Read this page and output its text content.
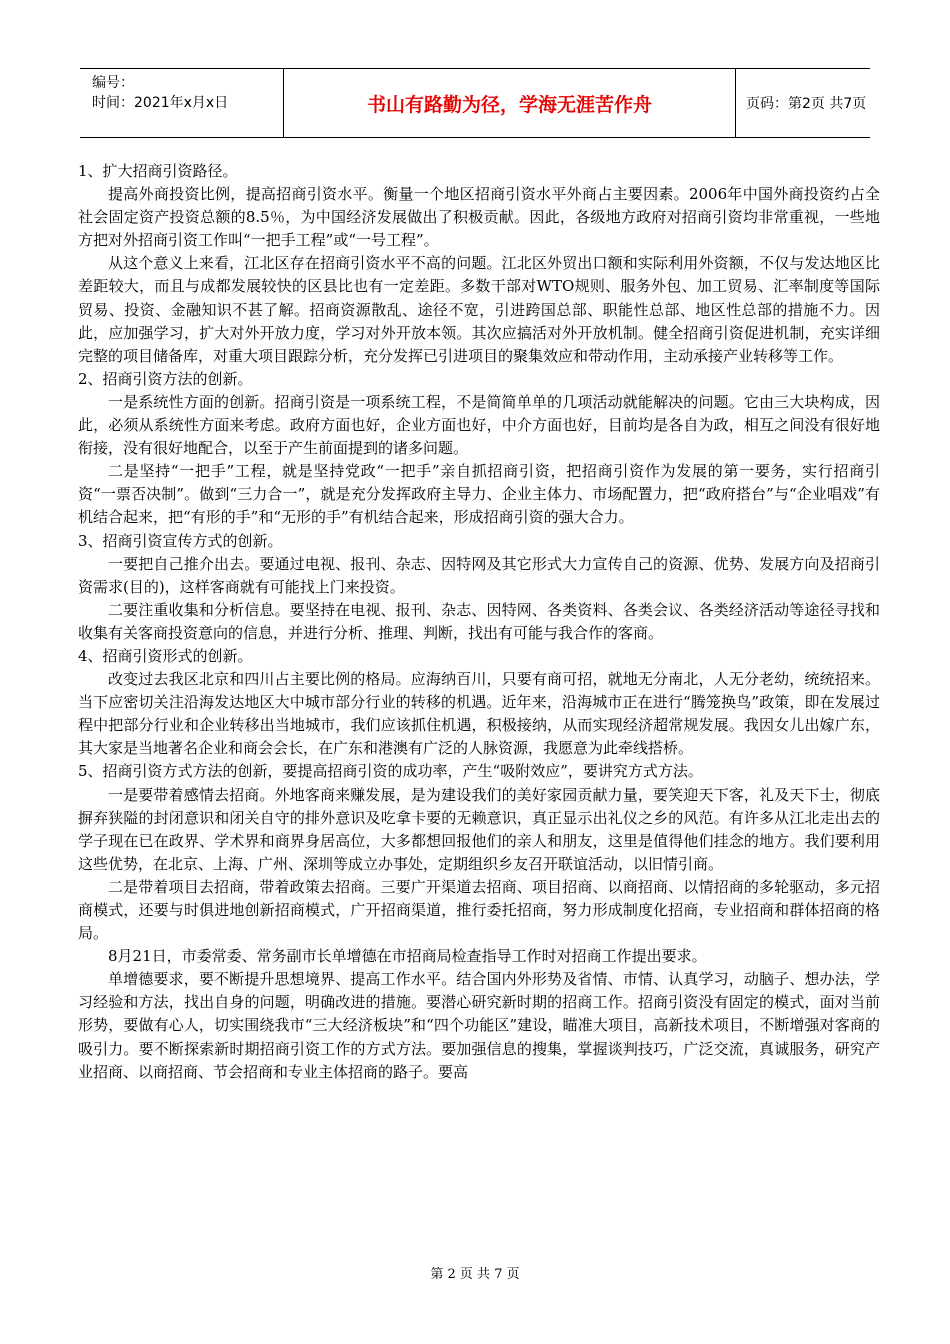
编号：
时间：2021年x月x日	书山有路勤为径，学海无涯苦作舟	页码：第2页 共7页

1、扩大招商引资路径。

提高外商投资比例，提高招商引资水平。衡量一个地区招商引资水平外商占主要因素。2006年中国外商投资约占全社会固定资产投资总额的8.5％，为中国经济发展做出了积极贡献。因此，各级地方政府对招商引资均非常重视，一些地方把对外招商引资工作叫“一把手工程”或“一号工程”。

从这个意义上来看，江北区存在招商引资水平不高的问题。江北区外贸出口额和实际利用外资额，不仅与发达地区比差距较大，而且与成都发展较快的区县比也有一定差距。多数干部对WTO规则、服务外包、加工贸易、汇率制度等国际贸易、投资、金融知识不甚了解。招商资源散乱、途径不宽，引进跨国总部、职能性总部、地区性总部的措施不力。因此，应加强学习，扩大对外开放力度，学习对外开放本领。其次应搞活对外开放机制。健全招商引资促进机制，充实详细完整的项目储备库，对重大项目跟踪分析，充分发挥已引进项目的聚集效应和带动作用，主动承接产业转移等工作。

2、招商引资方法的创新。

一是系统性方面的创新。招商引资是一项系统工程，不是简简单单的几项活动就能解决的问题。它由三大块构成，因此，必须从系统性方面来考虑。政府方面也好，企业方面也好，中介方面也好，目前均是各自为政，相互之间没有很好地衔接，没有很好地配合，以至于产生前面提到的诸多问题。

二是坚持“一把手”工程，就是坚持党政“一把手”亲自抓招商引资，把招商引资作为发展的第一要务，实行招商引资“一票否决制”。做到“三力合一”，就是充分发挥政府主导力、企业主体力、市场配置力，把“政府搭台”与“企业唱戏”有机结合起来，把“有形的手”和“无形的手”有机结合起来，形成招商引资的强大合力。

3、招商引资宣传方式的创新。

一要把自己推介出去。要通过电视、报刊、杂志、因特网及其它形式大力宣传自己的资源、优势、发展方向及招商引资需求(目的)，这样客商就有可能找上门来投资。

二要注重收集和分析信息。要坚持在电视、报刊、杂志、因特网、各类资料、各类会议、各类经济活动等途径寻找和收集有关客商投资意向的信息，并进行分析、推理、判断，找出有可能与我合作的客商。

4、招商引资形式的创新。

改变过去我区北京和四川占主要比例的格局。应海纳百川，只要有商可招，就地无分南北，人无分老幼，统统招来。当下应密切关注沿海发达地区大中城市部分行业的转移的机遇。近年来，沿海城市正在进行“腾笼换鸟”政策，即在发展过程中把部分行业和企业转移出当地城市，我们应该抓住机遇，积极接纳，从而实现经济超常规发展。我因女儿出嫁广东，其大家是当地著名企业和商会会长，在广东和港澳有广泛的人脉资源，我愿意为此牵线搭桥。

5、招商引资方式方法的创新，要提高招商引资的成功率，产生“吸附效应”，要讲究方式方法。

一是要带着感情去招商。外地客商来赚发展，是为建设我们的美好家园贡献力量，要笑迎天下客，礼及天下士，彻底摒弃狭隘的封闭意识和闭关自守的排外意识及吃拿卡要的无赖意识，真正显示出礼仪之乡的风范。有许多从江北走出去的学子现在已在政界、学术界和商界身居高位，大多都想回报他们的亲人和朋友，这里是值得他们挂念的地方。我们要利用这些优势，在北京、上海、广州、深圳等成立办事处，定期组织乡友召开联谊活动，以旧情引商。

二是带着项目去招商，带着政策去招商。三要广开渠道去招商、项目招商、以商招商、以情招商的多轮驱动，多元招商模式，还要与时俱进地创新招商模式，广开招商渠道，推行委托招商，努力形成制度化招商，专业招商和群体招商的格局。

8月21日，市委常委、常务副市长单增德在市招商局检查指导工作时对招商工作提出要求。

单增德要求，要不断提升思想境界、提高工作水平。结合国内外形势及省情、市情、认真学习，动脑子、想办法，学习经验和方法，找出自身的问题，明确改进的措施。要潜心研究新时期的招商工作。招商引资没有固定的模式，面对当前形势，要做有心人，切实围绕我市“三大经济板块”和“四个功能区”建设，瞄准大项目，高新技术项目，不断增强对客商的吸引力。要不断探索新时期招商引资工作的方式方法。要加强信息的搜集，掌握谈判技巧，广泛交流，真诚服务，研究产业招商、以商招商、节会招商和专业主体招商的路子。要高

第 2 页 共 7 页
